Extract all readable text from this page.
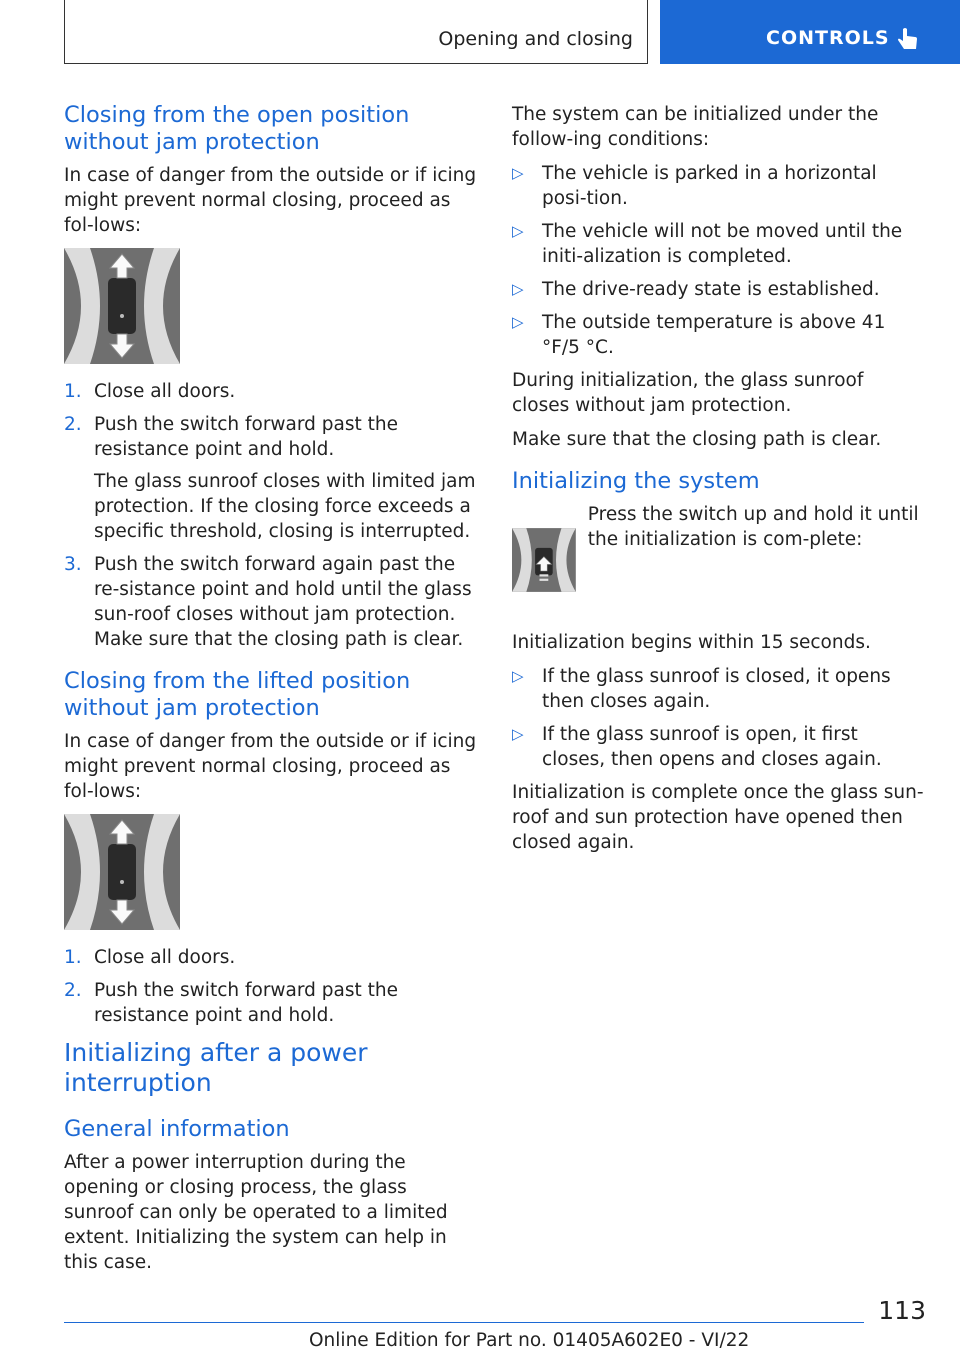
Opening and closing	CONTROLS
Closing from the open position without jam protection

In case of danger from the outside or if icing might prevent normal closing, proceed as fol-lows:

1. Close all doors.
2. Push the switch forward past the resistance point and hold.
The glass sunroof closes with limited jam protection. If the closing force exceeds a specific threshold, closing is interrupted.
3. Push the switch forward again past the re-sistance point and hold until the glass sun-roof closes without jam protection. Make sure that the closing path is clear.
Closing from the lifted position without jam protection

In case of danger from the outside or if icing might prevent normal closing, proceed as fol-lows:

1. Close all doors.
2. Push the switch forward past the resistance point and hold.
Initializing after a power interruption
General information

After a power interruption during the opening or closing process, the glass sunroof can only be operated to a limited extent. Initializing the system can help in this case.

The system can be initialized under the follow-ing conditions:

▷ The vehicle is parked in a horizontal posi-tion.
▷ The vehicle will not be moved until the initi-alization is completed.
▷ The drive-ready state is established.
▷ The outside temperature is above 41 °F/5 °C.

During initialization, the glass sunroof closes without jam protection.

Make sure that the closing path is clear.

Initializing the system

Press the switch up and hold it until the initialization is com-plete:

Initialization begins within 15 seconds.

▷ If the glass sunroof is closed, it opens then closes again.
▷ If the glass sunroof is open, it first closes, then opens and closes again.

Initialization is complete once the glass sun-roof and sun protection have opened then closed again.

113
Online Edition for Part no. 01405A602E0 - VI/22
